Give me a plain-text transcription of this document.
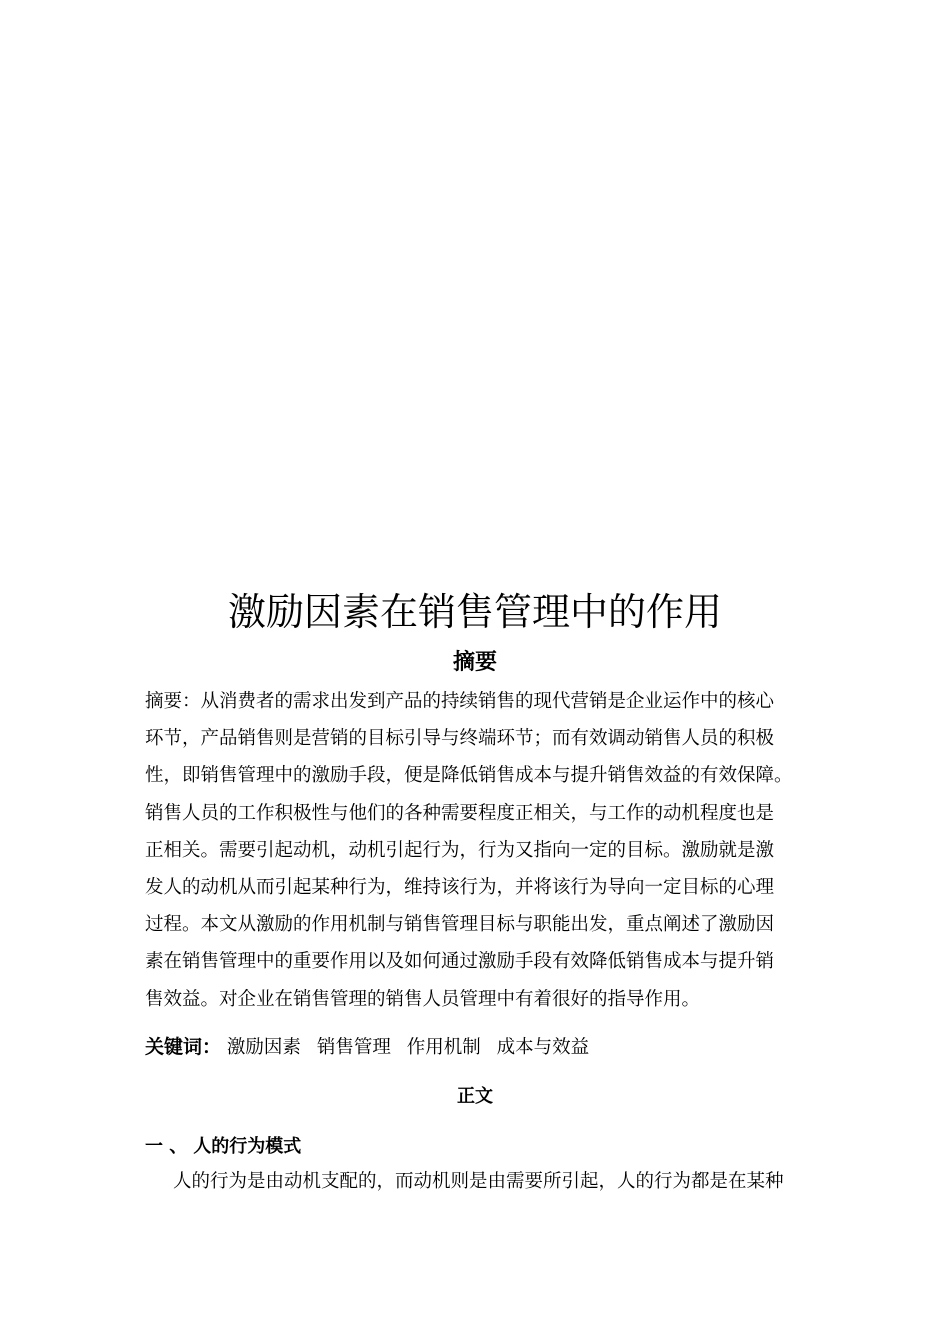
激励因素在销售管理中的作用
摘要
摘要：从消费者的需求出发到产品的持续销售的现代营销是企业运作中的核心
环节，产品销售则是营销的目标引导与终端环节；而有效调动销售人员的积极
性，即销售管理中的激励手段，便是降低销售成本与提升销售效益的有效保障。
销售人员的工作积极性与他们的各种需要程度正相关，与工作的动机程度也是
正相关。需要引起动机，动机引起行为，行为又指向一定的目标。激励就是激
发人的动机从而引起某种行为，维持该行为，并将该行为导向一定目标的心理
过程。本文从激励的作用机制与销售管理目标与职能出发，重点阐述了激励因
素在销售管理中的重要作用以及如何通过激励手段有效降低销售成本与提升销
售效益。对企业在销售管理的销售人员管理中有着很好的指导作用。
关键词： 激励因素 销售管理 作用机制 成本与效益
正文
一 、 人的行为模式
人的行为是由动机支配的，而动机则是由需要所引起，人的行为都是在某种
